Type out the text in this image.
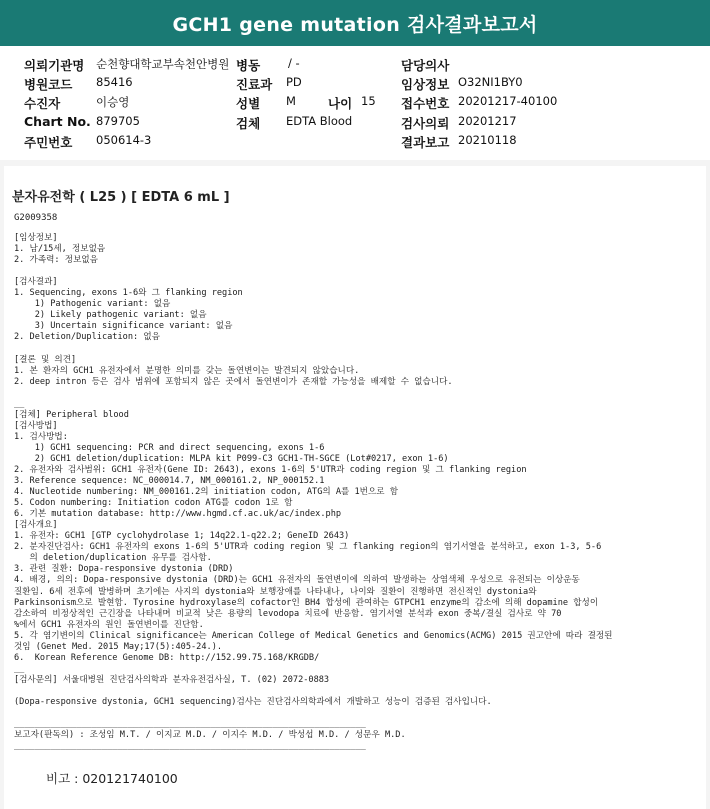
GCH1 gene mutation 검사결과보고서
의뢰기관명 순천향대학교부속천안병원 병동 / -	담당의사
병원코드 85416	진료과 PD	임상정보 O32NI1BY0
수진자	이승영	성별 M	나이 15 접수번호 20201217-40100
Chart No. 879705	검체 EDTA Blood	검사의뢰 20201217
주민번호 050614-3	결과보고 20210118
분자유전학 ( L25 ) [ EDTA 6 mL ]
G2009358
[임상정보]
1. 남/15세, 정보없음
2. 가족력: 정보없음
[검사결과]
1. Sequencing, exons 1-6와 그 flanking region
1) Pathogenic variant: 없음
2) Likely pathogenic variant: 없음
3) Uncertain significance variant: 없음
2. Deletion/Duplication: 없음
[결론 및 의견]
1. 본 환자의 GCH1 유전자에서 분명한 의미를 갖는 돌연변이는 발견되지 않았습니다.
2. deep intron 등은 검사 범위에 포함되지 않은 곳에서 돌연변이가 존재할 가능성을 배제할 수 없습니다.
__
[검체] Peripheral blood
[검사방법]
1. 검사방법:
1) GCH1 sequencing: PCR and direct sequencing, exons 1-6
2) GCH1 deletion/duplication: MLPA kit P099-C3 GCH1-TH-SGCE (Lot#0217, exon 1-6)
2. 유전자와 검사범위: GCH1 유전자(Gene ID: 2643), exons 1-6의 5'UTR과 coding region 및 그 flanking region
3. Reference sequence: NC_000014.7, NM_000161.2, NP_000152.1
4. Nucleotide numbering: NM_000161.2의 initiation codon, ATG의 A를 1번으로 함
5. Codon numbering: Initiation codon ATG를 codon 1로 함
6. 기본 mutation database: http://www.hgmd.cf.ac.uk/ac/index.php
[검사개요]
1. 유전자: GCH1 [GTP cyclohydrolase 1; 14q22.1-q22.2; GeneID 2643)
2. 분자진단검사: GCH1 유전자의 exons 1-6의 5'UTR과 coding region 및 그 flanking region의 염기서열을 분석하고, exon 1-3, 5-6
의 deletion/duplication 유무를 검사함.
3. 관련 질환: Dopa-responsive dystonia (DRD)
4. 배경, 의의: Dopa-responsive dystonia (DRD)는 GCH1 유전자의 돌연변이에 의하여 발생하는 상염색체 우성으로 유전되는 이상운동
질환임. 6세 전후에 발병하며 초기에는 사지의 dystonia와 보행장애를 나타내나, 나이와 질환이 진행하면 전신적인 dystonia와
Parkinsonism으로 발현함. Tyrosine hydroxylase의 cofactor인 BH4 합성에 관여하는 GTPCH1 enzyme의 감소에 의해 dopamine 합성이
감소하여 비정상적인 근긴장을 나타내며 비교적 낮은 용량의 levodopa 치료에 반응함. 염기서열 분석과 exon 중복/결실 검사로 약 70
%에서 GCH1 유전자의 원인 돌연변이를 진단함.
5. 각 염기변이의 Clinical significance는 American College of Medical Genetics and Genomics(ACMG) 2015 권고안에 따라 결정된
것임 (Genet Med. 2015 May;17(5):405-24.).
6.  Korean Reference Genome DB: http://152.99.75.168/KRGDB/
__
[검사문의] 서울대병원 진단검사의학과 분자유전검사실, T. (02) 2072-0883
(Dopa-responsive dystonia, GCH1 sequencing)검사는 진단검사의학과에서 개발하고 성능이 검증된 검사입니다.
____________________________________________________________________
보고자(판독의) : 조성임 M.T. / 이지교 M.D. / 이지수 M.D. / 박성섭 M.D. / 성문우 M.D.
____________________________________________________________________
비고 : 020121740100
